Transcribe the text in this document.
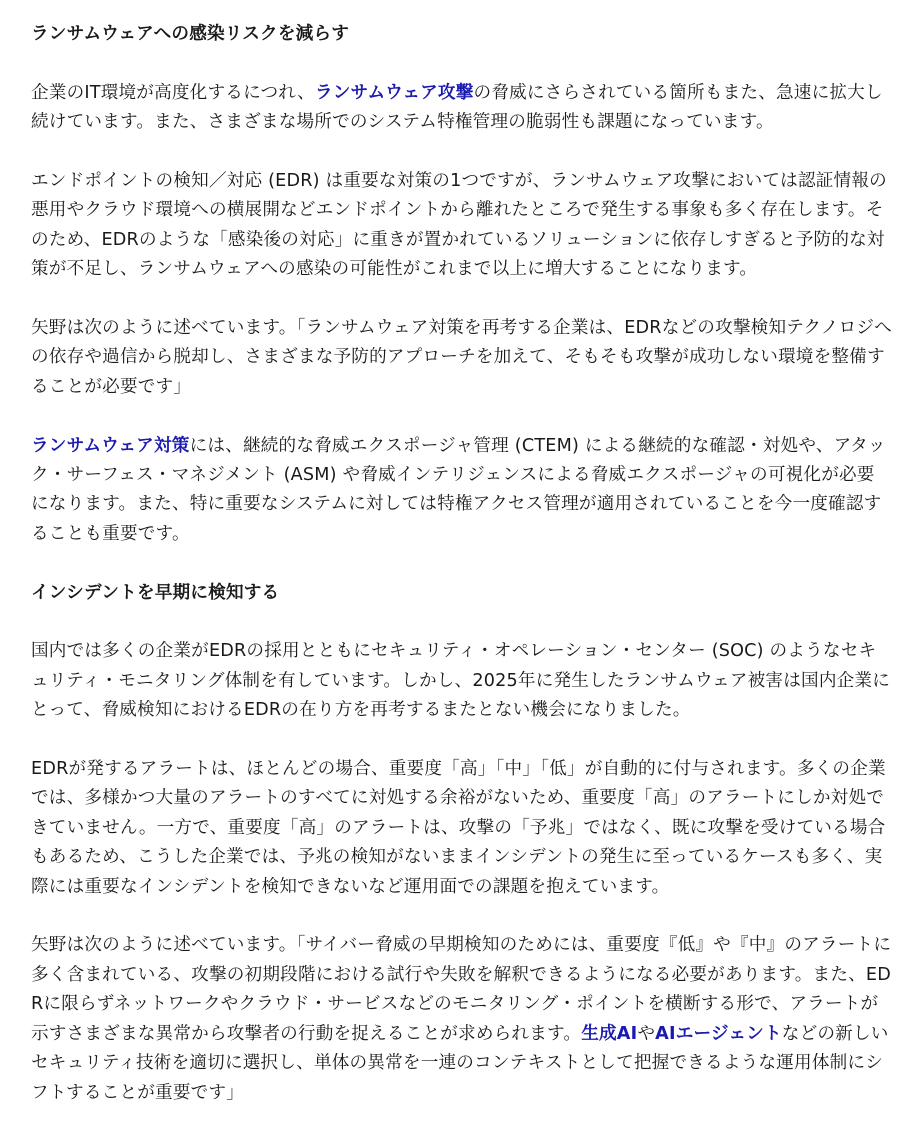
ランサムウェアへの感染リスクを減らす

企業のIT環境が高度化するにつれ、ランサムウェア攻撃の脅威にさらされている箇所もまた、急速に拡大し続けています。また、さまざまな場所でのシステム特権管理の脆弱性も課題になっています。

エンドポイントの検知／対応 (EDR) は重要な対策の1つですが、ランサムウェア攻撃においては認証情報の悪用やクラウド環境への横展開などエンドポイントから離れたところで発生する事象も多く存在します。そのため、EDRのような「感染後の対応」に重きが置かれているソリューションに依存しすぎると予防的な対策が不足し、ランサムウェアへの感染の可能性がこれまで以上に増大することになります。

矢野は次のように述べています。「ランサムウェア対策を再考する企業は、EDRなどの攻撃検知テクノロジへの依存や過信から脱却し、さまざまな予防的アプローチを加えて、そもそも攻撃が成功しない環境を整備することが必要です」

ランサムウェア対策には、継続的な脅威エクスポージャ管理 (CTEM) による継続的な確認・対処や、アタック・サーフェス・マネジメント (ASM) や脅威インテリジェンスによる脅威エクスポージャの可視化が必要になります。また、特に重要なシステムに対しては特権アクセス管理が適用されていることを今一度確認することも重要です。

インシデントを早期に検知する

国内では多くの企業がEDRの採用とともにセキュリティ・オペレーション・センター (SOC) のようなセキュリティ・モニタリング体制を有しています。しかし、2025年に発生したランサムウェア被害は国内企業にとって、脅威検知におけるEDRの在り方を再考するまたとない機会になりました。

EDRが発するアラートは、ほとんどの場合、重要度「高」「中」「低」が自動的に付与されます。多くの企業では、多様かつ大量のアラートのすべてに対処する余裕がないため、重要度「高」のアラートにしか対処できていません。一方で、重要度「高」のアラートは、攻撃の「予兆」ではなく、既に攻撃を受けている場合もあるため、こうした企業では、予兆の検知がないままインシデントの発生に至っているケースも多く、実際には重要なインシデントを検知できないなど運用面での課題を抱えています。

矢野は次のように述べています。「サイバー脅威の早期検知のためには、重要度『低』や『中』のアラートに多く含まれている、攻撃の初期段階における試行や失敗を解釈できるようになる必要があります。また、EDRに限らずネットワークやクラウド・サービスなどのモニタリング・ポイントを横断する形で、アラートが示すさまざまな異常から攻撃者の行動を捉えることが求められます。生成AIやAIエージェントなどの新しいセキュリティ技術を適切に選択し、単体の異常を一連のコンテキストとして把握できるような運用体制にシフトすることが重要です」
